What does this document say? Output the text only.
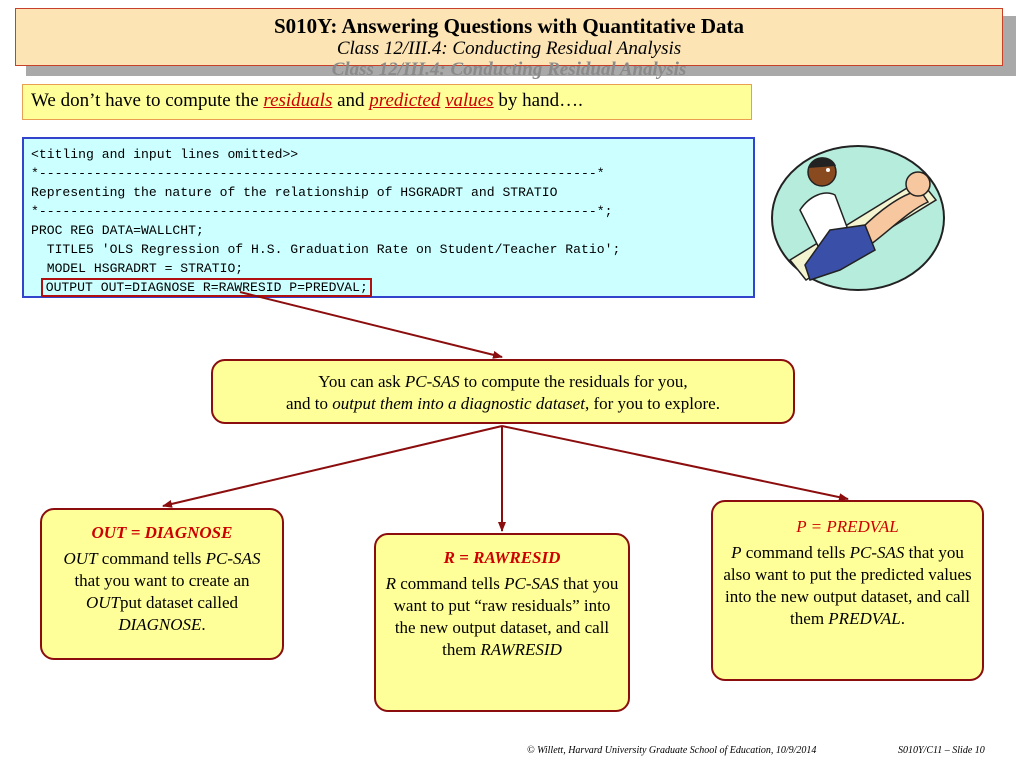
Class 12/III.4: Conducting Residual Analysis
S010Y: Answering Questions with Quantitative Data
Class 12/III.4: Conducting Residual Analysis
We don’t have to compute the residuals and predicted values by hand….
<titling and input lines omitted>>
*-----------------------------------------------------------------------*
Representing the nature of the relationship of HSGRADRT and STRATIO
*-----------------------------------------------------------------------*;
PROC REG DATA=WALLCHT;
TITLE5 'OLS Regression of H.S. Graduation Rate on Student/Teacher Ratio';
MODEL HSGRADRT = STRATIO;
OUTPUT OUT=DIAGNOSE R=RAWRESID P=PREDVAL;
You can ask PC-SAS to compute the residuals for you,
and to output them into a diagnostic dataset, for you to explore.
OUT = DIAGNOSE
OUT command tells PC-SAS that you want to create an OUTput dataset called DIAGNOSE.
R = RAWRESID
R command tells PC-SAS that you want to put “raw residuals” into the new output dataset, and call them RAWRESID
P = PREDVAL
P command tells PC-SAS that you also want to put the predicted values into the new output dataset, and call them PREDVAL.
© Willett, Harvard University Graduate School of Education, 10/9/2014	S010Y/C11 – Slide 10
